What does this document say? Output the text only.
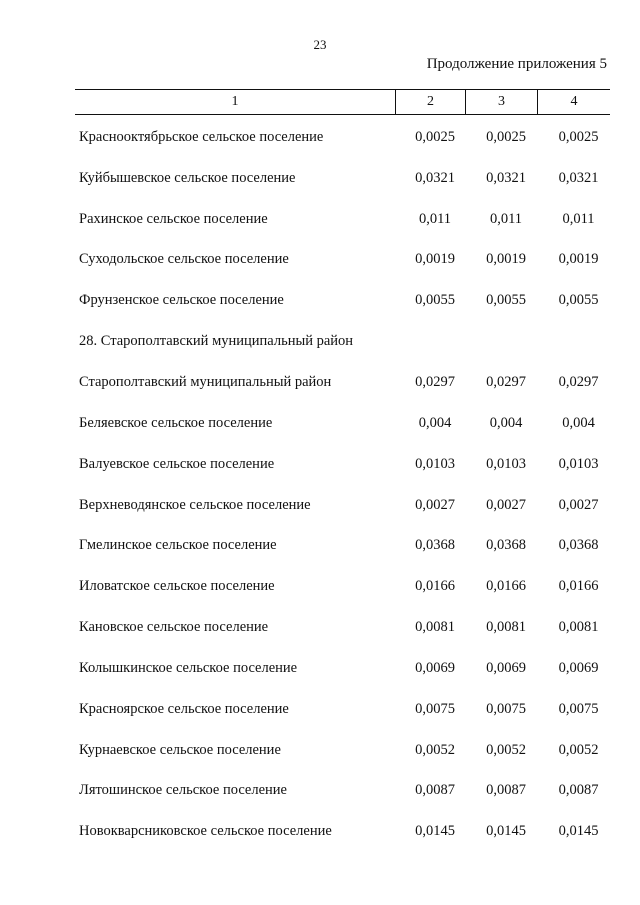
23
Продолжение приложения 5
1	2	3	4
Краснооктябрьское сельское поселение	0,0025	0,0025	0,0025
Куйбышевское сельское поселение	0,0321	0,0321	0,0321
Рахинское сельское поселение	0,011	0,011	0,011
Суходольское сельское поселение	0,0019	0,0019	0,0019
Фрунзенское сельское поселение	0,0055	0,0055	0,0055
28. Старополтавский муниципальный район
Старополтавский муниципальный район	0,0297	0,0297	0,0297
Беляевское сельское поселение	0,004	0,004	0,004
Валуевское сельское поселение	0,0103	0,0103	0,0103
Верхневодянское сельское поселение	0,0027	0,0027	0,0027
Гмелинское сельское поселение	0,0368	0,0368	0,0368
Иловатское сельское поселение	0,0166	0,0166	0,0166
Кановское сельское поселение	0,0081	0,0081	0,0081
Колышкинское сельское поселение	0,0069	0,0069	0,0069
Красноярское сельское поселение	0,0075	0,0075	0,0075
Курнаевское сельское поселение	0,0052	0,0052	0,0052
Лятошинское сельское поселение	0,0087	0,0087	0,0087
Новокварсниковское сельское поселение	0,0145	0,0145	0,0145
